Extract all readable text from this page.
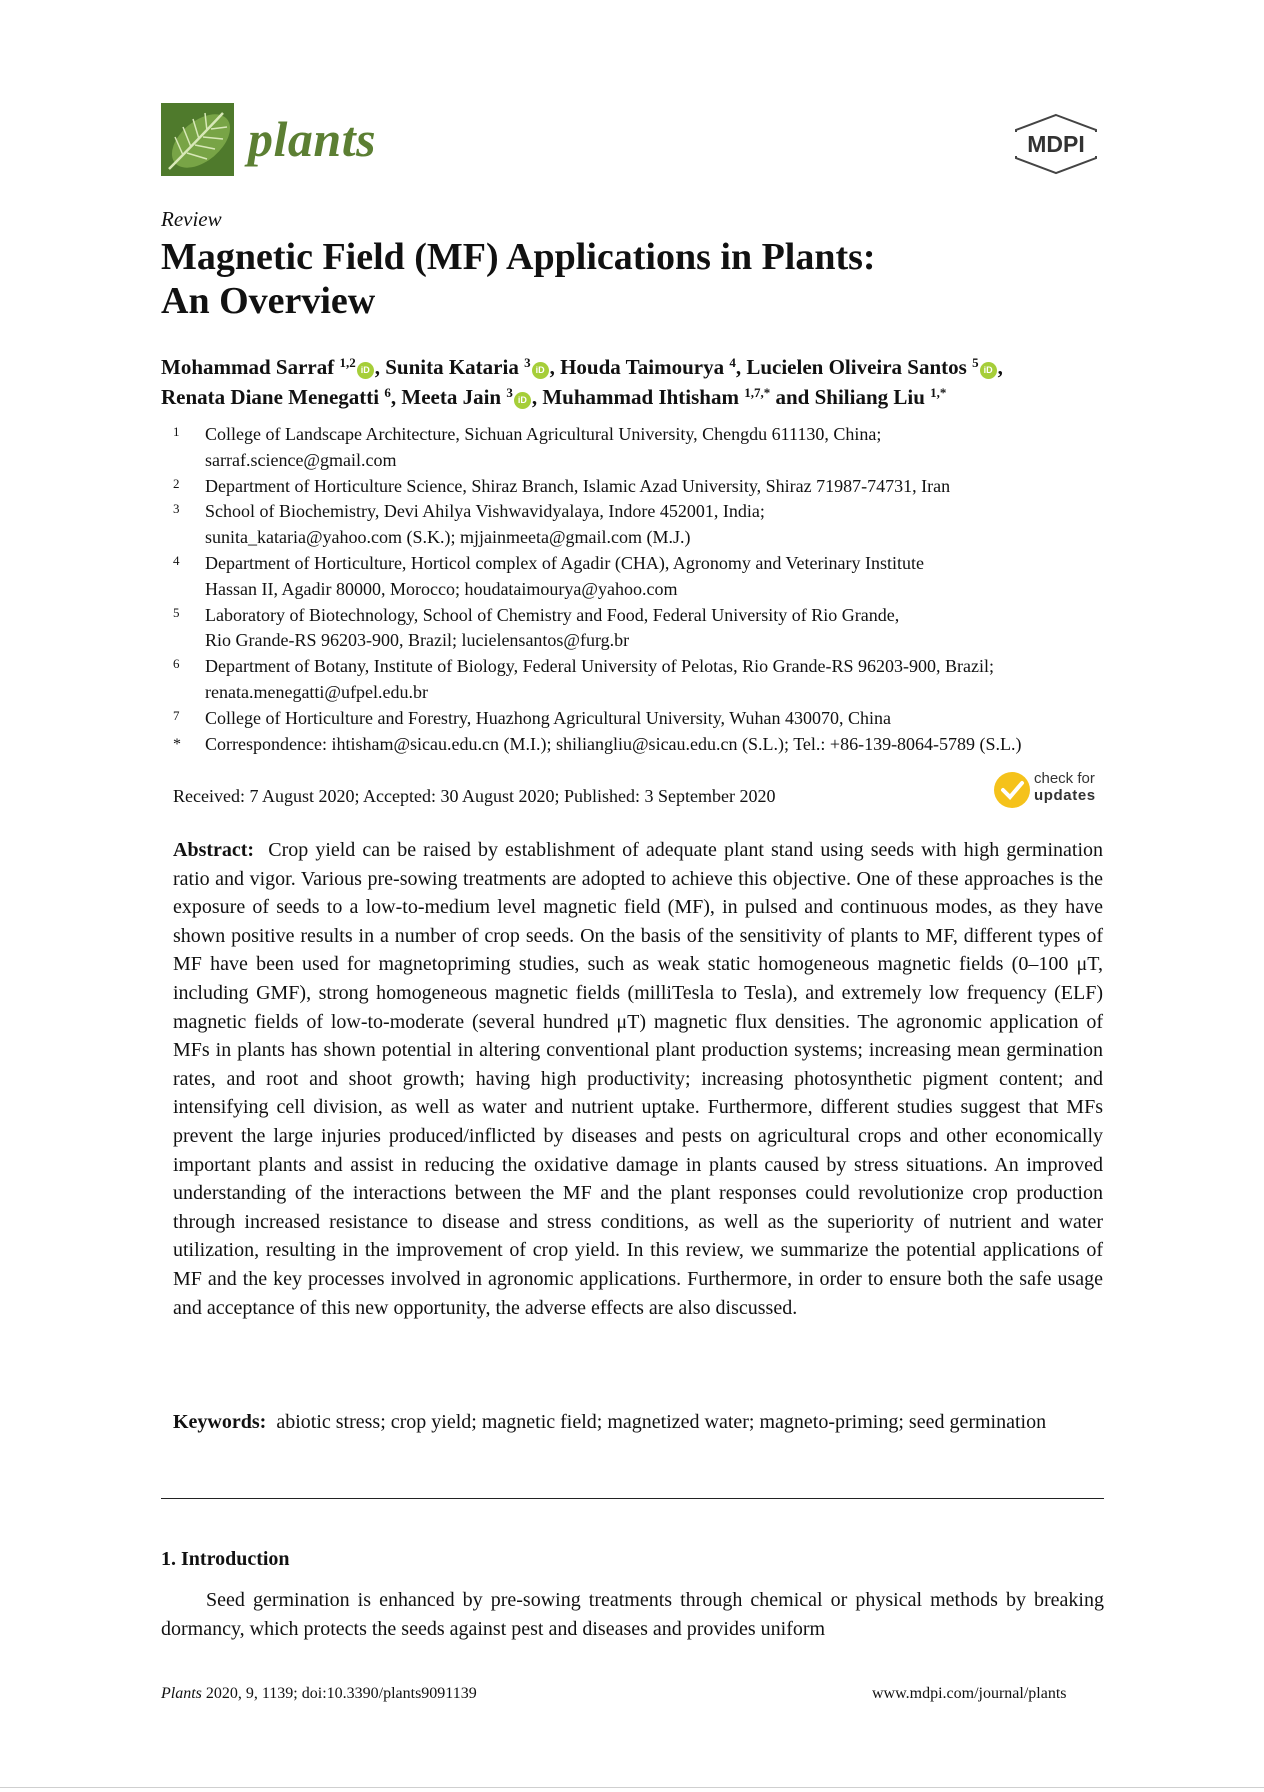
plants	MDPI
Review
Magnetic Field (MF) Applications in Plants:
An Overview
Mohammad Sarraf $^{1,2}$ iD , Sunita Kataria $^3$ iD , Houda Taimourya $^4$, Lucielen Oliveira Santos $^5$ iD ,
Renata Diane Menegatti $^6$, Meeta Jain $^3$ iD , Muhammad Ihtisham $^{1,7,*}$ and Shiliang Liu $^{1,*}$
1 College of Landscape Architecture, Sichuan Agricultural University, Chengdu 611130, China;
sarraf.science@gmail.com
2 Department of Horticulture Science, Shiraz Branch, Islamic Azad University, Shiraz 71987-74731, Iran
3 School of Biochemistry, Devi Ahilya Vishwavidyalaya, Indore 452001, India;
sunita_kataria@yahoo.com (S.K.); mjjainmeeta@gmail.com (M.J.)
4 Department of Horticulture, Horticol complex of Agadir (CHA), Agronomy and Veterinary Institute
Hassan II, Agadir 80000, Morocco; houdataimourya@yahoo.com
5 Laboratory of Biotechnology, School of Chemistry and Food, Federal University of Rio Grande,
Rio Grande-RS 96203-900, Brazil; lucielensantos@furg.br
6 Department of Botany, Institute of Biology, Federal University of Pelotas, Rio Grande-RS 96203-900, Brazil;
renata.menegatti@ufpel.edu.br
7 College of Horticulture and Forestry, Huazhong Agricultural University, Wuhan 430070, China
* Correspondence: ihtisham@sicau.edu.cn (M.I.); shiliangliu@sicau.edu.cn (S.L.); Tel.: +86-139-8064-5789 (S.L.)
Received: 7 August 2020; Accepted: 30 August 2020; Published: 3 September 2020
check for
updates
Abstract: Crop yield can be raised by establishment of adequate plant stand using seeds with high germination ratio and vigor. Various pre-sowing treatments are adopted to achieve this objective. One of these approaches is the exposure of seeds to a low-to-medium level magnetic field (MF), in pulsed and continuous modes, as they have shown positive results in a number of crop seeds. On the basis of the sensitivity of plants to MF, different types of MF have been used for magnetopriming studies, such as weak static homogeneous magnetic fields (0–100 μT, including GMF), strong homogeneous magnetic fields (milliTesla to Tesla), and extremely low frequency (ELF) magnetic fields of low-to-moderate (several hundred μT) magnetic flux densities. The agronomic application of MFs in plants has shown potential in altering conventional plant production systems; increasing mean germination rates, and root and shoot growth; having high productivity; increasing photosynthetic pigment content; and intensifying cell division, as well as water and nutrient uptake. Furthermore, different studies suggest that MFs prevent the large injuries produced/inflicted by diseases and pests on agricultural crops and other economically important plants and assist in reducing the oxidative damage in plants caused by stress situations. An improved understanding of the interactions between the MF and the plant responses could revolutionize crop production through increased resistance to disease and stress conditions, as well as the superiority of nutrient and water utilization, resulting in the improvement of crop yield. In this review, we summarize the potential applications of MF and the key processes involved in agronomic applications. Furthermore, in order to ensure both the safe usage and acceptance of this new opportunity, the adverse effects are also discussed.
Keywords: abiotic stress; crop yield; magnetic field; magnetized water; magneto-priming; seed germination
1. Introduction
Seed germination is enhanced by pre-sowing treatments through chemical or physical methods by breaking dormancy, which protects the seeds against pest and diseases and provides uniform
Plants 2020, 9, 1139; doi:10.3390/plants9091139	www.mdpi.com/journal/plants
